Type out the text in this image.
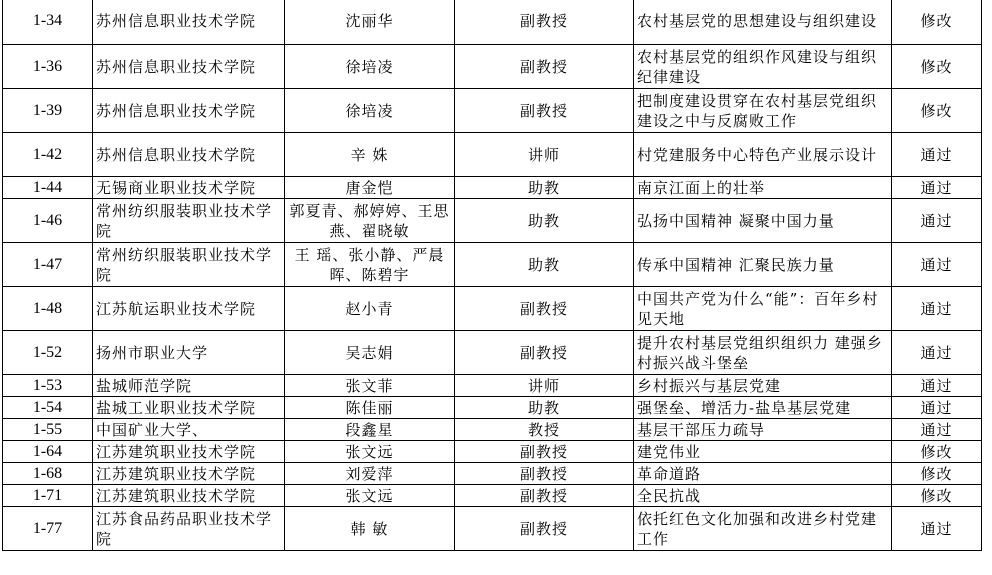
1-34	苏州信息职业技术学院	沈丽华	副教授	农村基层党的思想建设与组织建设	修改
1-36	苏州信息职业技术学院	徐培凌	副教授	农村基层党的组织作风建设与组织纪律建设	修改
1-39	苏州信息职业技术学院	徐培凌	副教授	把制度建设贯穿在农村基层党组织建设之中与反腐败工作	修改
1-42	苏州信息职业技术学院	辛 姝	讲师	村党建服务中心特色产业展示设计	通过
1-44	无锡商业职业技术学院	唐金恺	助教	南京江面上的壮举	通过
1-46	常州纺织服装职业技术学院	郭夏青、郝婷婷、王思燕、翟晓敏	助教	弘扬中国精神 凝聚中国力量	通过
1-47	常州纺织服装职业技术学院	王 瑶、张小静、严晨晖、陈碧宇	助教	传承中国精神 汇聚民族力量	通过
1-48	江苏航运职业技术学院	赵小青	副教授	中国共产党为什么“能”：百年乡村见天地	通过
1-52	扬州市职业大学	吴志娟	副教授	提升农村基层党组织组织力 建强乡村振兴战斗堡垒	通过
1-53	盐城师范学院	张文菲	讲师	乡村振兴与基层党建	通过
1-54	盐城工业职业技术学院	陈佳丽	助教	强堡垒、增活力-盐阜基层党建	通过
1-55	中国矿业大学、	段鑫星	教授	基层干部压力疏导	通过
1-64	江苏建筑职业技术学院	张文远	副教授	建党伟业	修改
1-68	江苏建筑职业技术学院	刘爱萍	副教授	革命道路	修改
1-71	江苏建筑职业技术学院	张文远	副教授	全民抗战	修改
1-77	江苏食品药品职业技术学院	韩 敏	副教授	依托红色文化加强和改进乡村党建工作	通过
